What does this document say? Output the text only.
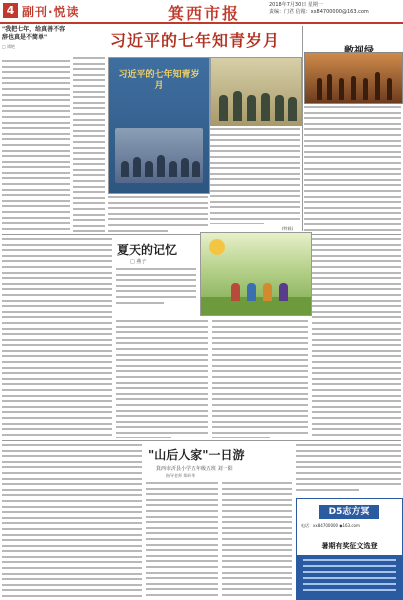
4 副刊·悦读	箕西市报	2018年7月30日 星期一
责编：门君 信箱：xx84700000@163.com
"我把七年，给真善不容辞也真是不简单"
□ 谭艳	习近平的七年知青岁月
习近平的七年知青岁月
(特载)
夏天的记忆
□ 燕子
"山后人家"一日游
箕西市沂县小学五年级五班 刘一阳
指导老师 郑岭华
D5志方冥
电话：xx84700000 ◆163.com
暑期有奖征文选登
